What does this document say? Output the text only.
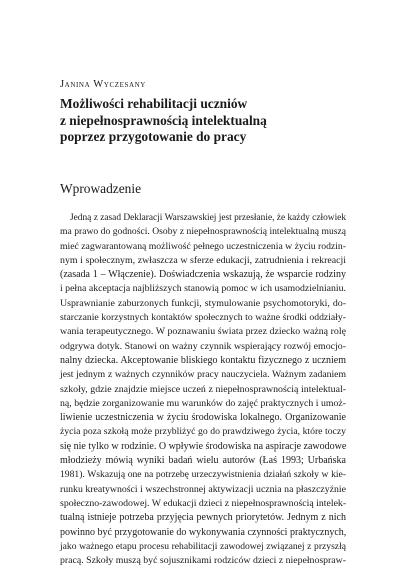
Janina Wyczesany
Możliwości rehabilitacji uczniów
z niepełnosprawnością intelektualną
poprzez przygotowanie do pracy
Wprowadzenie
Jedną z zasad Deklaracji Warszawskiej jest przesłanie, że każdy człowiek
ma prawo do godności. Osoby z niepełnosprawnością intelektualną muszą
mieć zagwarantowaną możliwość pełnego uczestniczenia w życiu rodzin-
nym i społecznym, zwłaszcza w sferze edukacji, zatrudnienia i rekreacji
(zasada 1 – Włączenie). Doświadczenia wskazują, że wsparcie rodziny
i pełna akceptacja najbliższych stanowią pomoc w ich usamodzielnianiu.
Usprawnianie zaburzonych funkcji, stymulowanie psychomotoryki, do-
starczanie korzystnych kontaktów społecznych to ważne środki oddziały-
wania terapeutycznego. W poznawaniu świata przez dziecko ważną rolę
odgrywa dotyk. Stanowi on ważny czynnik wspierający rozwój emocjo-
nalny dziecka. Akceptowanie bliskiego kontaktu fizycznego z uczniem
jest jednym z ważnych czynników pracy nauczyciela. Ważnym zadaniem
szkoły, gdzie znajdzie miejsce uczeń z niepełnosprawnością intelektual-
ną, będzie zorganizowanie mu warunków do zajęć praktycznych i umoż-
liwienie uczestniczenia w życiu środowiska lokalnego. Organizowanie
życia poza szkołą może przybliżyć go do prawdziwego życia, które toczy
się nie tylko w rodzinie. O wpływie środowiska na aspiracje zawodowe
młodzieży mówią wyniki badań wielu autorów (Łaś 1993; Urbańska
1981). Wskazują one na potrzebę urzeczywistnienia działań szkoły w kie-
runku kreatywności i wszechstronnej aktywizacji ucznia na płaszczyźnie
społeczno-zawodowej. W edukacji dzieci z niepełnosprawnością intelek-
tualną istnieje potrzeba przyjęcia pewnych priorytetów. Jednym z nich
powinno być przygotowanie do wykonywania czynności praktycznych,
jako ważnego etapu procesu rehabilitacji zawodowej związanej z przyszłą
pracą. Szkoły muszą być sojusznikami rodziców dzieci z niepełnospraw-
